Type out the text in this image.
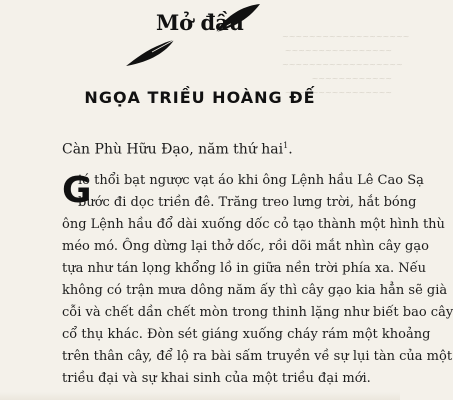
~~~~~~~~~~~~~~~~~~~
~~~~~~~~~~~~~~~~
~~~~~~~~~~~~~~~~~~
~~~~~~~~~~~~
~~~~~~~~~~~~~~~~
Mở đầu
NGỌA TRIỀU HOÀNG ĐẾ
Càn Phù Hữu Đạo, năm thứ hai$^1$.
G
ió thổi bạt ngược vạt áo khi ông Lệnh hầu Lê Cao Sạ
bước đi dọc triền đê. Trăng treo lưng trời, hắt bóng
ông Lệnh hầu đổ dài xuống dốc cỏ tạo thành một hình thù
méo mó. Ông dừng lại thở dốc, rồi dõi mắt nhìn cây gạo
tựa như tán lọng khổng lồ in giữa nền trời phía xa. Nếu
không có trận mưa dông năm ấy thì cây gạo kia hẳn sẽ già
cỗi và chết dần chết mòn trong thinh lặng như biết bao cây
cổ thụ khác. Đòn sét giáng xuống cháy rám một khoảng
trên thân cây, để lộ ra bài sấm truyền về sự lụi tàn của một
triều đại và sự khai sinh của một triều đại mới.
